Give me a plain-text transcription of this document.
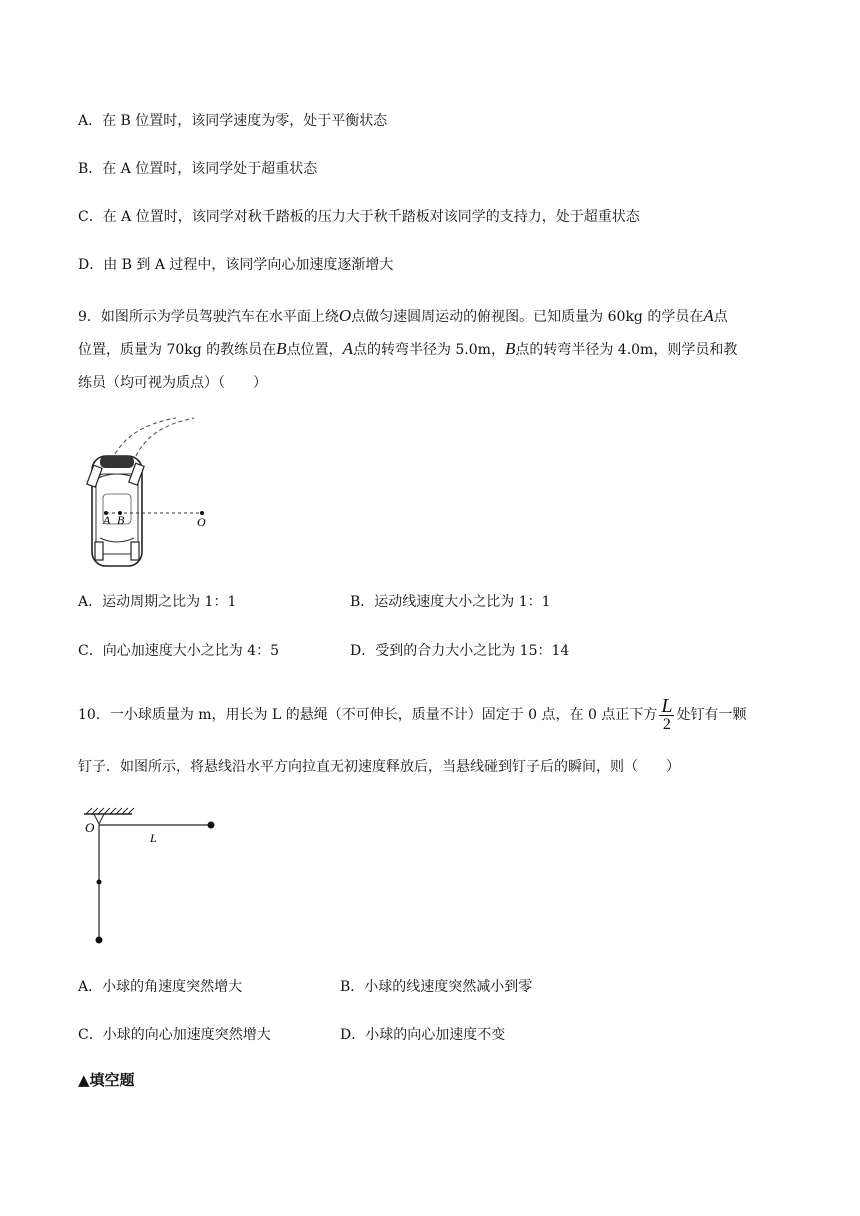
A．在 B 位置时，该同学速度为零，处于平衡状态
B．在 A 位置时，该同学处于超重状态
C．在 A 位置时，该同学对秋千踏板的压力大于秋千踏板对该同学的支持力，处于超重状态
D．由 B 到 A 过程中，该同学向心加速度逐渐增大
9．如图所示为学员驾驶汽车在水平面上绕O点做匀速圆周运动的俯视图。已知质量为 60kg 的学员在A点
位置，质量为 70kg 的教练员在B点位置，A点的转弯半径为 5.0m，B点的转弯半径为 4.0m，则学员和教
练员（均可视为质点）（　　）
A B	O
A．运动周期之比为 1：1	B．运动线速度大小之比为 1：1
C．向心加速度大小之比为 4：5	D．受到的合力大小之比为 15：14
10．一小球质量为 m，用长为 L 的悬绳（不可伸长，质量不计）固定于 0 点，在 0 点正下方 $\frac{L}{2}$ 处钉有一颗
钉子．如图所示，将悬线沿水平方向拉直无初速度释放后，当悬线碰到钉子后的瞬间，则（　　）
O
L
A．小球的角速度突然增大	B．小球的线速度突然减小到零
C．小球的向心加速度突然增大	D．小球的向心加速度不变
▲填空题
